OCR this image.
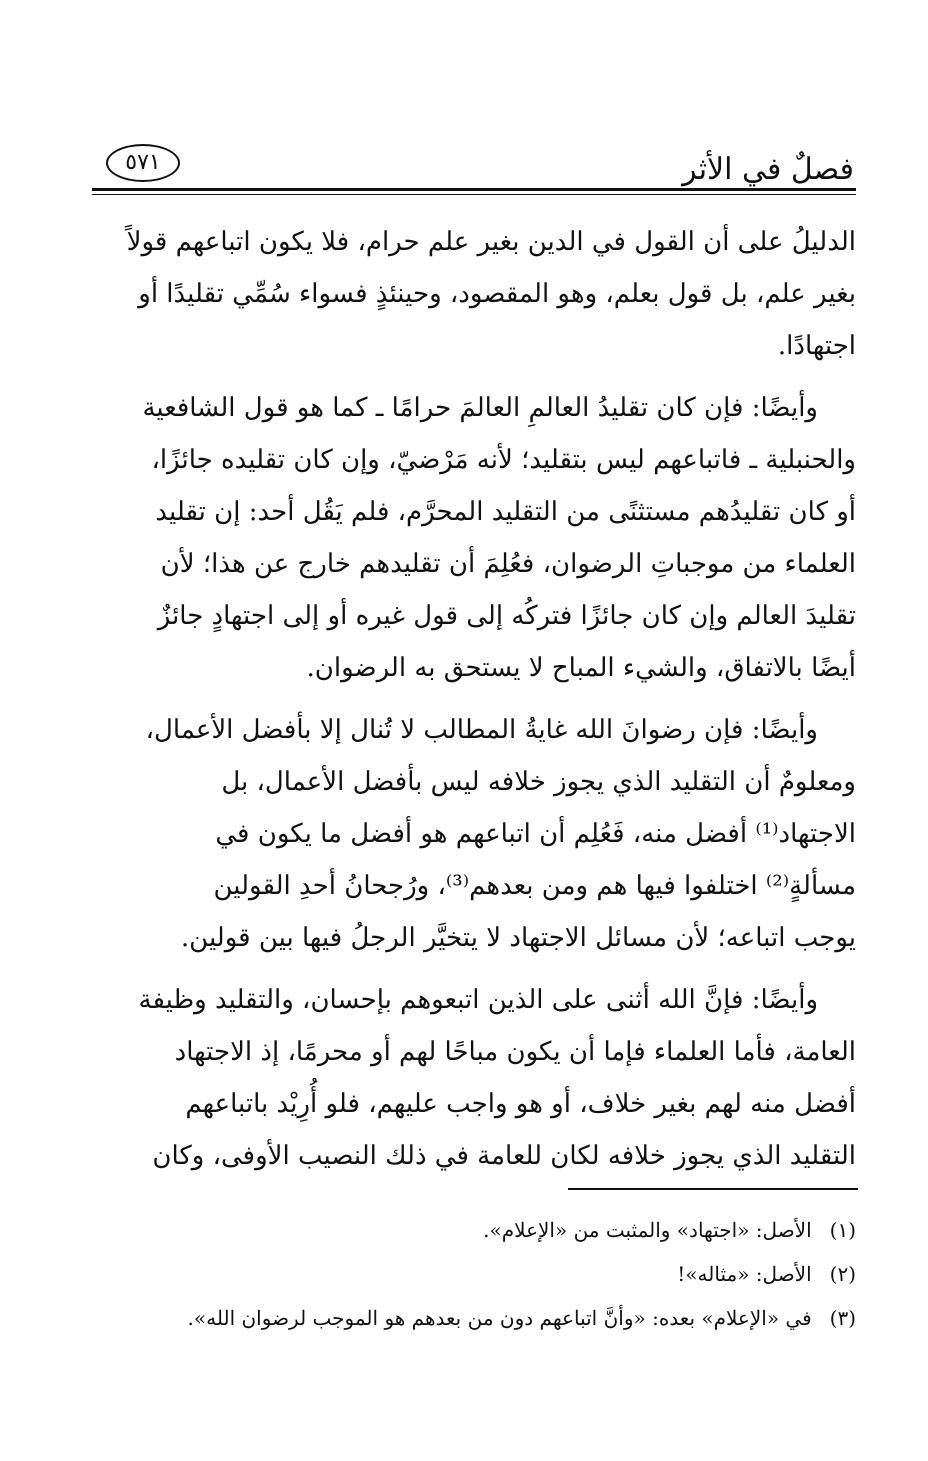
فصلٌ في الأثر
٥٧١

الدليلُ على أن القول في الدين بغير علم حرام، فلا يكون اتباعهم قولاً
بغير علم، بل قول بعلم، وهو المقصود، وحينئذٍ فسواء سُمِّي تقليدًا أو
اجتهادًا.

وأيضًا: فإن كان تقليدُ العالمِ العالمَ حرامًا ـ كما هو قول الشافعية
والحنبلية ـ فاتباعهم ليس بتقليد؛ لأنه مَرْضيّ، وإن كان تقليده جائزًا،
أو كان تقليدُهم مستثنًى من التقليد المحرَّم، فلم يَقُل أحد: إن تقليد
العلماء من موجباتِ الرضوان، فعُلِمَ أن تقليدهم خارج عن هذا؛ لأن
تقليدَ العالم وإن كان جائزًا فتركُه إلى قول غيره أو إلى اجتهادٍ جائزٌ
أيضًا بالاتفاق، والشيء المباح لا يستحق به الرضوان.

وأيضًا: فإن رضوانَ الله غايةُ المطالب لا تُنال إلا بأفضل الأعمال،
ومعلومٌ أن التقليد الذي يجوز خلافه ليس بأفضل الأعمال، بل
الاجتهاد⁽¹⁾ أفضل منه، فَعُلِم أن اتباعهم هو أفضل ما يكون في
مسألةٍ⁽²⁾ اختلفوا فيها هم ومن بعدهم⁽³⁾، ورُجحانُ أحدِ القولين
يوجب اتباعه؛ لأن مسائل الاجتهاد لا يتخيَّر الرجلُ فيها بين قولين.

وأيضًا: فإنَّ الله أثنى على الذين اتبعوهم بإحسان، والتقليد وظيفة
العامة، فأما العلماء فإما أن يكون مباحًا لهم أو محرمًا، إذ الاجتهاد
أفضل منه لهم بغير خلاف، أو هو واجب عليهم، فلو أُرِيْد باتباعهم
التقليد الذي يجوز خلافه لكان للعامة في ذلك النصيب الأوفى، وكان

(١) الأصل: «اجتهاد» والمثبت من «الإعلام».
(٢) الأصل: «مثاله»!
(٣) في «الإعلام» بعده: «وأنَّ اتباعهم دون من بعدهم هو الموجب لرضوان الله».
